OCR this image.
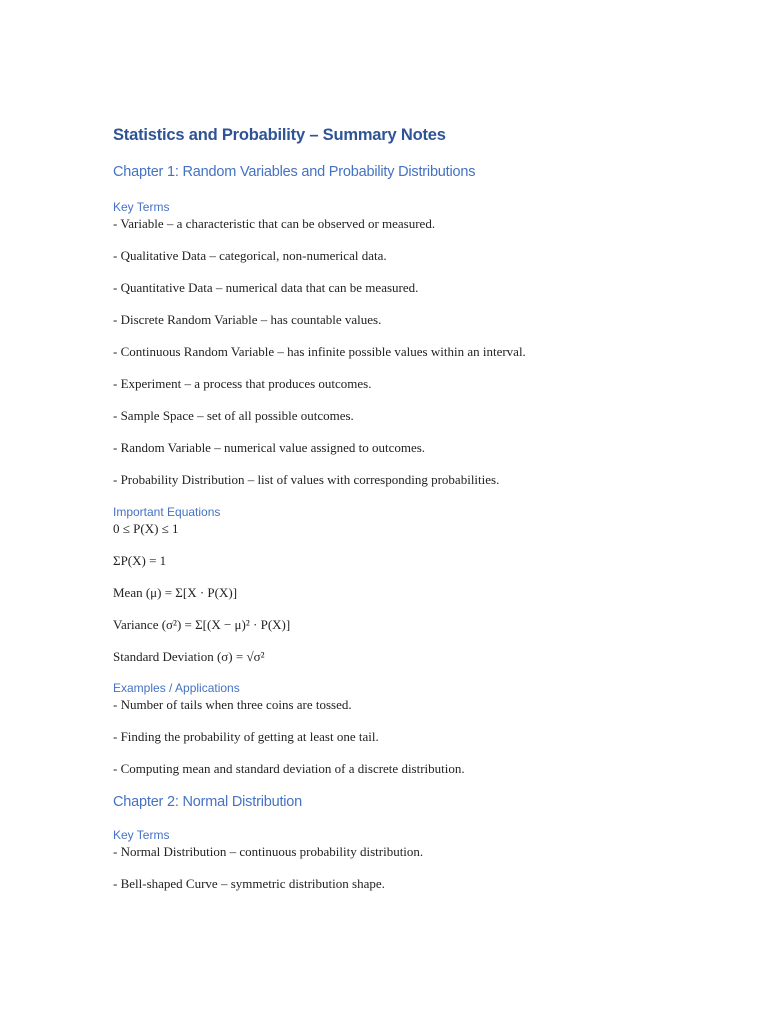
Statistics and Probability – Summary Notes
Chapter 1: Random Variables and Probability Distributions
Key Terms

- Variable – a characteristic that can be observed or measured.

- Qualitative Data – categorical, non-numerical data.

- Quantitative Data – numerical data that can be measured.

- Discrete Random Variable – has countable values.

- Continuous Random Variable – has infinite possible values within an interval.

- Experiment – a process that produces outcomes.

- Sample Space – set of all possible outcomes.

- Random Variable – numerical value assigned to outcomes.

- Probability Distribution – list of values with corresponding probabilities.

Important Equations

0 ≤ P(X) ≤ 1

ΣP(X) = 1

Mean (μ) = Σ[X · P(X)]

Variance (σ²) = Σ[(X − μ)² · P(X)]

Standard Deviation (σ) = √σ²

Examples / Applications

- Number of tails when three coins are tossed.

- Finding the probability of getting at least one tail.

- Computing mean and standard deviation of a discrete distribution.

Chapter 2: Normal Distribution
Key Terms

- Normal Distribution – continuous probability distribution.

- Bell-shaped Curve – symmetric distribution shape.
